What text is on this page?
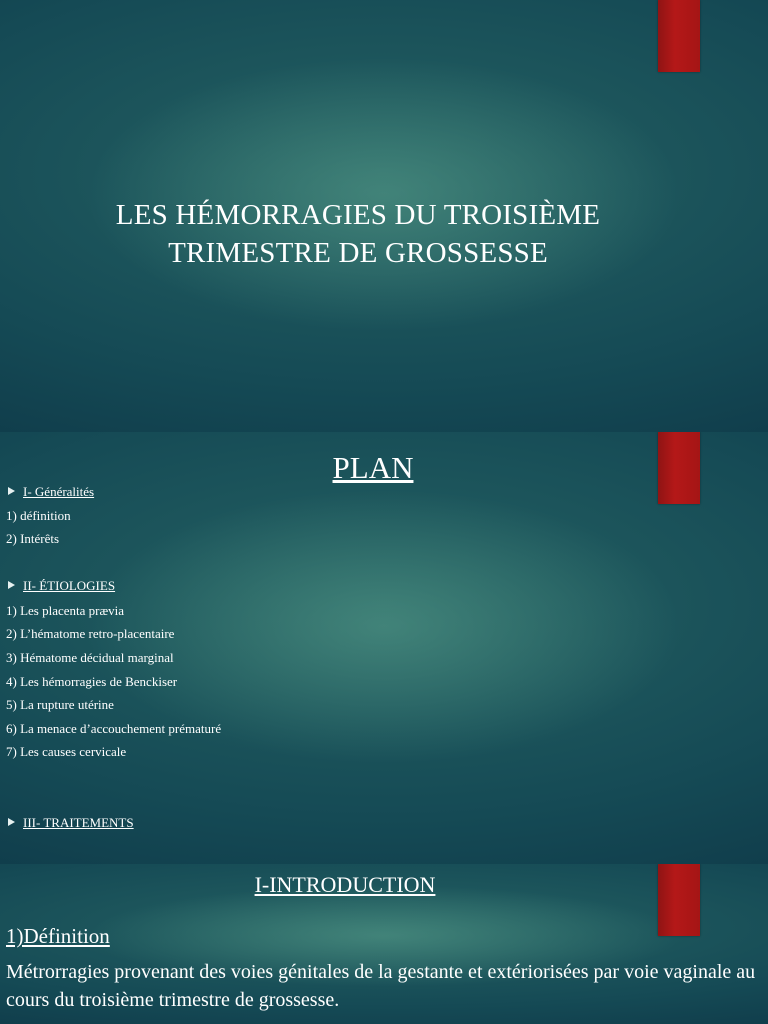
LES HÉMORRAGIES DU TROISIÈME TRIMESTRE DE GROSSESSE
PLAN
I- Généralités
1) définition
2) Intérêts
II- ÉTIOLOGIES
1) Les placenta prævia
2) L’hématome retro-placentaire
3) Hématome décidual marginal
4) Les hémorragies de Benckiser
5) La rupture utérine
6) La menace d’accouchement prématuré
7) Les causes cervicale
III- TRAITEMENTS
I-INTRODUCTION
1)Définition
Métrorragies provenant des voies génitales de la gestante et extériorisées par voie vaginale au cours du troisième trimestre de grossesse.
